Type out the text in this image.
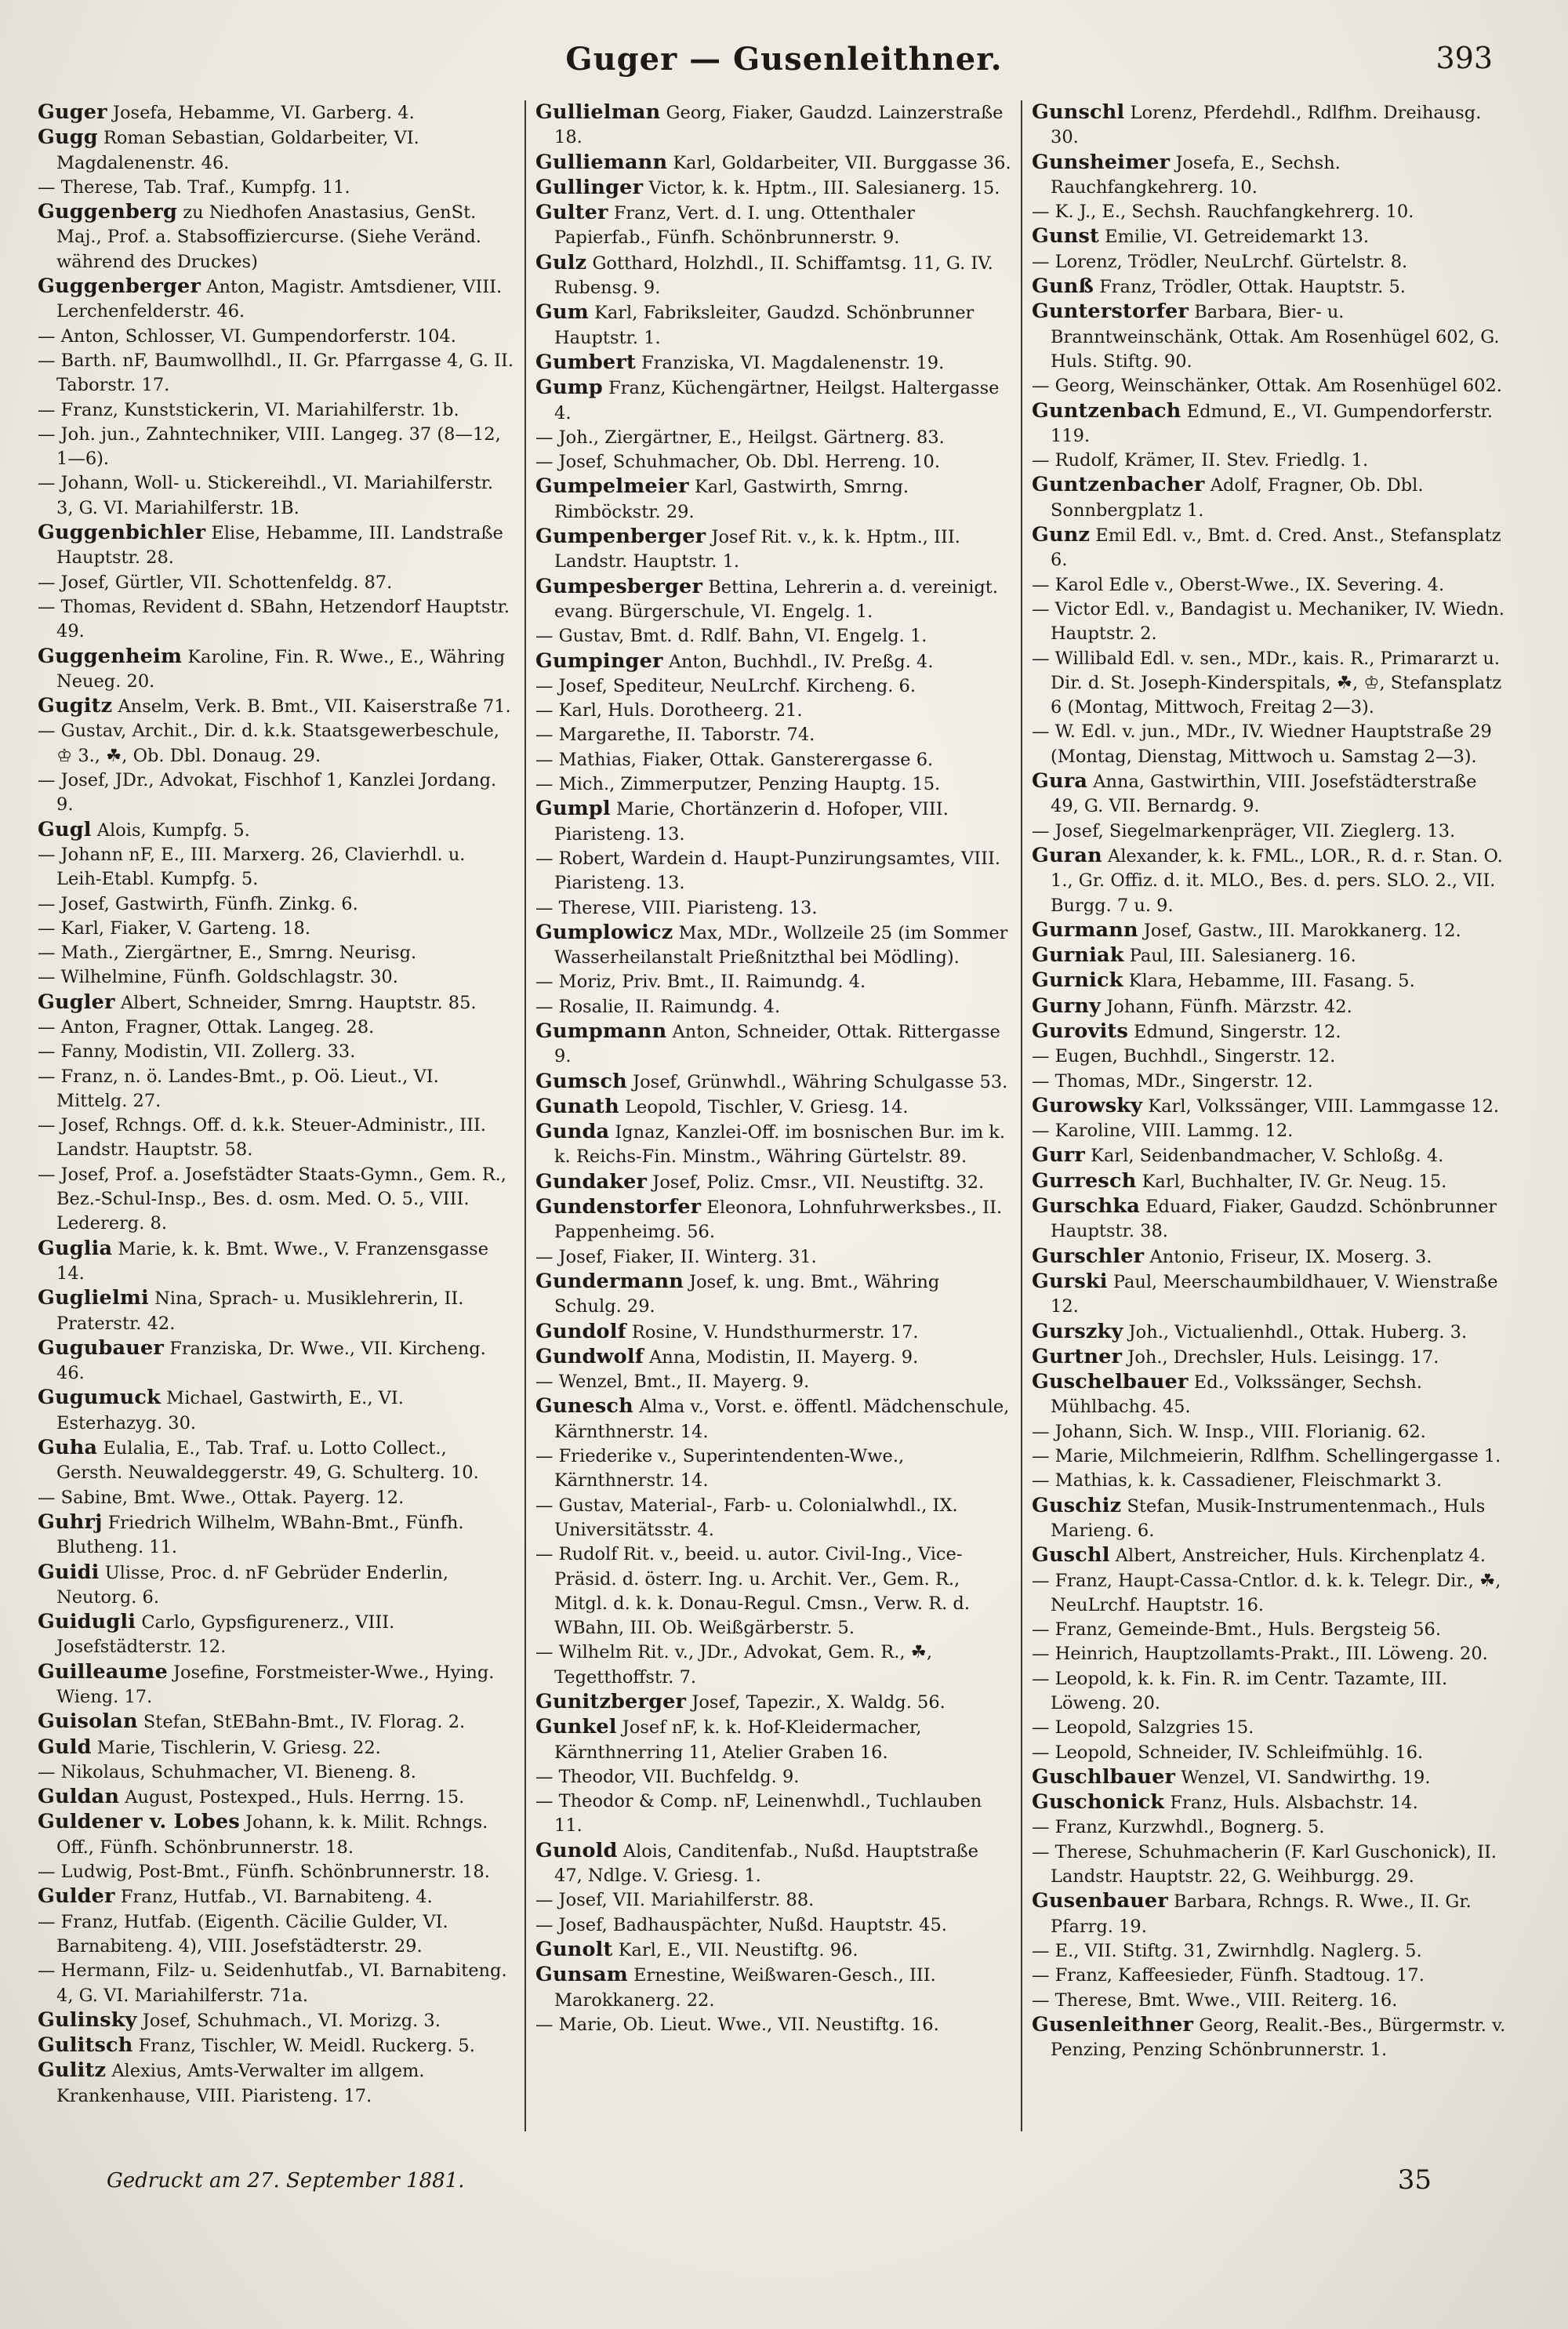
Guger — Gusenleithner.	393

Guger Josefa, Hebamme, VI. Garberg. 4.

Gugg Roman Sebastian, Goldarbeiter, VI. Magdalenenstr. 46.

— Therese, Tab. Traf., Kumpfg. 11.

Guggenberg zu Niedhofen Anastasius, GenSt. Maj., Prof. a. Stabsoffiziercurse. (Siehe Veränd. während des Druckes)

Guggenberger Anton, Magistr. Amtsdiener, VIII. Lerchenfelderstr. 46.

— Anton, Schlosser, VI. Gumpendorferstr. 104.

— Barth. nF, Baumwollhdl., II. Gr. Pfarrgasse 4, G. II. Taborstr. 17.

— Franz, Kunststickerin, VI. Mariahilferstr. 1b.

— Joh. jun., Zahntechniker, VIII. Langeg. 37 (8—12, 1—6).

— Johann, Woll- u. Stickereihdl., VI. Mariahilferstr. 3, G. VI. Mariahilferstr. 1B.

Guggenbichler Elise, Hebamme, III. Landstraße Hauptstr. 28.

— Josef, Gürtler, VII. Schottenfeldg. 87.

— Thomas, Revident d. SBahn, Hetzendorf Hauptstr. 49.

Guggenheim Karoline, Fin. R. Wwe., E., Währing Neueg. 20.

Gugitz Anselm, Verk. B. Bmt., VII. Kaiserstraße 71.

— Gustav, Archit., Dir. d. k.k. Staatsgewerbeschule, ♔ 3., ☘, Ob. Dbl. Donaug. 29.

— Josef, JDr., Advokat, Fischhof 1, Kanzlei Jordang. 9.

Gugl Alois, Kumpfg. 5.

— Johann nF, E., III. Marxerg. 26, Clavierhdl. u. Leih-Etabl. Kumpfg. 5.

— Josef, Gastwirth, Fünfh. Zinkg. 6.

— Karl, Fiaker, V. Garteng. 18.

— Math., Ziergärtner, E., Smrng. Neurisg.

— Wilhelmine, Fünfh. Goldschlagstr. 30.

Gugler Albert, Schneider, Smrng. Hauptstr. 85.

— Anton, Fragner, Ottak. Langeg. 28.

— Fanny, Modistin, VII. Zollerg. 33.

— Franz, n. ö. Landes-Bmt., p. Oö. Lieut., VI. Mittelg. 27.

— Josef, Rchngs. Off. d. k.k. Steuer-Administr., III. Landstr. Hauptstr. 58.

— Josef, Prof. a. Josefstädter Staats-Gymn., Gem. R., Bez.-Schul-Insp., Bes. d. osm. Med. O. 5., VIII. Ledererg. 8.

Guglia Marie, k. k. Bmt. Wwe., V. Franzensgasse 14.

Guglielmi Nina, Sprach- u. Musiklehrerin, II. Praterstr. 42.

Gugubauer Franziska, Dr. Wwe., VII. Kircheng. 46.

Gugumuck Michael, Gastwirth, E., VI. Esterhazyg. 30.

Guha Eulalia, E., Tab. Traf. u. Lotto Collect., Gersth. Neuwaldeggerstr. 49, G. Schulterg. 10.

— Sabine, Bmt. Wwe., Ottak. Payerg. 12.

Guhrj Friedrich Wilhelm, WBahn-Bmt., Fünfh. Blutheng. 11.

Guidi Ulisse, Proc. d. nF Gebrüder Enderlin, Neutorg. 6.

Guidugli Carlo, Gypsfigurenerz., VIII. Josefstädterstr. 12.

Guilleaume Josefine, Forstmeister-Wwe., Hying. Wieng. 17.

Guisolan Stefan, StEBahn-Bmt., IV. Florag. 2.

Guld Marie, Tischlerin, V. Griesg. 22.

— Nikolaus, Schuhmacher, VI. Bieneng. 8.

Guldan August, Postexped., Huls. Herrng. 15.

Guldener v. Lobes Johann, k. k. Milit. Rchngs. Off., Fünfh. Schönbrunnerstr. 18.

— Ludwig, Post-Bmt., Fünfh. Schönbrunnerstr. 18.

Gulder Franz, Hutfab., VI. Barnabiteng. 4.

— Franz, Hutfab. (Eigenth. Cäcilie Gulder, VI. Barnabiteng. 4), VIII. Josefstädterstr. 29.

— Hermann, Filz- u. Seidenhutfab., VI. Barnabiteng. 4, G. VI. Mariahilferstr. 71a.

Gulinsky Josef, Schuhmach., VI. Morizg. 3.

Gulitsch Franz, Tischler, W. Meidl. Ruckerg. 5.

Gulitz Alexius, Amts-Verwalter im allgem. Krankenhause, VIII. Piaristeng. 17.

Gullielman Georg, Fiaker, Gaudzd. Lainzerstraße 18.

Gulliemann Karl, Goldarbeiter, VII. Burggasse 36.

Gullinger Victor, k. k. Hptm., III. Salesianerg. 15.

Gulter Franz, Vert. d. I. ung. Ottenthaler Papierfab., Fünfh. Schönbrunnerstr. 9.

Gulz Gotthard, Holzhdl., II. Schiffamtsg. 11, G. IV. Rubensg. 9.

Gum Karl, Fabriksleiter, Gaudzd. Schönbrunner Hauptstr. 1.

Gumbert Franziska, VI. Magdalenenstr. 19.

Gump Franz, Küchengärtner, Heilgst. Haltergasse 4.

— Joh., Ziergärtner, E., Heilgst. Gärtnerg. 83.

— Josef, Schuhmacher, Ob. Dbl. Herreng. 10.

Gumpelmeier Karl, Gastwirth, Smrng. Rimböckstr. 29.

Gumpenberger Josef Rit. v., k. k. Hptm., III. Landstr. Hauptstr. 1.

Gumpesberger Bettina, Lehrerin a. d. vereinigt. evang. Bürgerschule, VI. Engelg. 1.

— Gustav, Bmt. d. Rdlf. Bahn, VI. Engelg. 1.

Gumpinger Anton, Buchhdl., IV. Preßg. 4.

— Josef, Spediteur, NeuLrchf. Kircheng. 6.

— Karl, Huls. Dorotheerg. 21.

— Margarethe, II. Taborstr. 74.

— Mathias, Fiaker, Ottak. Gansterergasse 6.

— Mich., Zimmerputzer, Penzing Hauptg. 15.

Gumpl Marie, Chortänzerin d. Hofoper, VIII. Piaristeng. 13.

— Robert, Wardein d. Haupt-Punzirungsamtes, VIII. Piaristeng. 13.

— Therese, VIII. Piaristeng. 13.

Gumplowicz Max, MDr., Wollzeile 25 (im Sommer Wasserheilanstalt Prießnitzthal bei Mödling).

— Moriz, Priv. Bmt., II. Raimundg. 4.

— Rosalie, II. Raimundg. 4.

Gumpmann Anton, Schneider, Ottak. Rittergasse 9.

Gumsch Josef, Grünwhdl., Währing Schulgasse 53.

Gunath Leopold, Tischler, V. Griesg. 14.

Gunda Ignaz, Kanzlei-Off. im bosnischen Bur. im k. k. Reichs-Fin. Minstm., Währing Gürtelstr. 89.

Gundaker Josef, Poliz. Cmsr., VII. Neustiftg. 32.

Gundenstorfer Eleonora, Lohnfuhrwerksbes., II. Pappenheimg. 56.

— Josef, Fiaker, II. Winterg. 31.

Gundermann Josef, k. ung. Bmt., Währing Schulg. 29.

Gundolf Rosine, V. Hundsthurmerstr. 17.

Gundwolf Anna, Modistin, II. Mayerg. 9.

— Wenzel, Bmt., II. Mayerg. 9.

Gunesch Alma v., Vorst. e. öffentl. Mädchenschule, Kärnthnerstr. 14.

— Friederike v., Superintendenten-Wwe., Kärnthnerstr. 14.

— Gustav, Material-, Farb- u. Colonialwhdl., IX. Universitätsstr. 4.

— Rudolf Rit. v., beeid. u. autor. Civil-Ing., Vice-Präsid. d. österr. Ing. u. Archit. Ver., Gem. R., Mitgl. d. k. k. Donau-Regul. Cmsn., Verw. R. d. WBahn, III. Ob. Weißgärberstr. 5.

— Wilhelm Rit. v., JDr., Advokat, Gem. R., ☘, Tegetthoffstr. 7.

Gunitzberger Josef, Tapezir., X. Waldg. 56.

Gunkel Josef nF, k. k. Hof-Kleidermacher, Kärnthnerring 11, Atelier Graben 16.

— Theodor, VII. Buchfeldg. 9.

— Theodor & Comp. nF, Leinenwhdl., Tuchlauben 11.

Gunold Alois, Canditenfab., Nußd. Hauptstraße 47, Ndlge. V. Griesg. 1.

— Josef, VII. Mariahilferstr. 88.

— Josef, Badhauspächter, Nußd. Hauptstr. 45.

Gunolt Karl, E., VII. Neustiftg. 96.

Gunsam Ernestine, Weißwaren-Gesch., III. Marokkanerg. 22.

— Marie, Ob. Lieut. Wwe., VII. Neustiftg. 16.

Gunschl Lorenz, Pferdehdl., Rdlfhm. Dreihausg. 30.

Gunsheimer Josefa, E., Sechsh. Rauchfangkehrerg. 10.

— K. J., E., Sechsh. Rauchfangkehrerg. 10.

Gunst Emilie, VI. Getreidemarkt 13.

— Lorenz, Trödler, NeuLrchf. Gürtelstr. 8.

Gunß Franz, Trödler, Ottak. Hauptstr. 5.

Gunterstorfer Barbara, Bier- u. Branntweinschänk, Ottak. Am Rosenhügel 602, G. Huls. Stiftg. 90.

— Georg, Weinschänker, Ottak. Am Rosenhügel 602.

Guntzenbach Edmund, E., VI. Gumpendorferstr. 119.

— Rudolf, Krämer, II. Stev. Friedlg. 1.

Guntzenbacher Adolf, Fragner, Ob. Dbl. Sonnbergplatz 1.

Gunz Emil Edl. v., Bmt. d. Cred. Anst., Stefansplatz 6.

— Karol Edle v., Oberst-Wwe., IX. Severing. 4.

— Victor Edl. v., Bandagist u. Mechaniker, IV. Wiedn. Hauptstr. 2.

— Willibald Edl. v. sen., MDr., kais. R., Primararzt u. Dir. d. St. Joseph-Kinderspitals, ☘, ♔, Stefansplatz 6 (Montag, Mittwoch, Freitag 2—3).

— W. Edl. v. jun., MDr., IV. Wiedner Hauptstraße 29 (Montag, Dienstag, Mittwoch u. Samstag 2—3).

Gura Anna, Gastwirthin, VIII. Josefstädterstraße 49, G. VII. Bernardg. 9.

— Josef, Siegelmarkenpräger, VII. Zieglerg. 13.

Guran Alexander, k. k. FML., LOR., R. d. r. Stan. O. 1., Gr. Offiz. d. it. MLO., Bes. d. pers. SLO. 2., VII. Burgg. 7 u. 9.

Gurmann Josef, Gastw., III. Marokkanerg. 12.

Gurniak Paul, III. Salesianerg. 16.

Gurnick Klara, Hebamme, III. Fasang. 5.

Gurny Johann, Fünfh. Märzstr. 42.

Gurovits Edmund, Singerstr. 12.

— Eugen, Buchhdl., Singerstr. 12.

— Thomas, MDr., Singerstr. 12.

Gurowsky Karl, Volkssänger, VIII. Lammgasse 12.

— Karoline, VIII. Lammg. 12.

Gurr Karl, Seidenbandmacher, V. Schloßg. 4.

Gurresch Karl, Buchhalter, IV. Gr. Neug. 15.

Gurschka Eduard, Fiaker, Gaudzd. Schönbrunner Hauptstr. 38.

Gurschler Antonio, Friseur, IX. Moserg. 3.

Gurski Paul, Meerschaumbildhauer, V. Wienstraße 12.

Gurszky Joh., Victualienhdl., Ottak. Huberg. 3.

Gurtner Joh., Drechsler, Huls. Leisingg. 17.

Guschelbauer Ed., Volkssänger, Sechsh. Mühlbachg. 45.

— Johann, Sich. W. Insp., VIII. Florianig. 62.

— Marie, Milchmeierin, Rdlfhm. Schellingergasse 1.

— Mathias, k. k. Cassadiener, Fleischmarkt 3.

Guschiz Stefan, Musik-Instrumentenmach., Huls Marieng. 6.

Guschl Albert, Anstreicher, Huls. Kirchenplatz 4.

— Franz, Haupt-Cassa-Cntlor. d. k. k. Telegr. Dir., ☘, NeuLrchf. Hauptstr. 16.

— Franz, Gemeinde-Bmt., Huls. Bergsteig 56.

— Heinrich, Hauptzollamts-Prakt., III. Löweng. 20.

— Leopold, k. k. Fin. R. im Centr. Tazamte, III. Löweng. 20.

— Leopold, Salzgries 15.

— Leopold, Schneider, IV. Schleifmühlg. 16.

Guschlbauer Wenzel, VI. Sandwirthg. 19.

Guschonick Franz, Huls. Alsbachstr. 14.

— Franz, Kurzwhdl., Bognerg. 5.

— Therese, Schuhmacherin (F. Karl Guschonick), II. Landstr. Hauptstr. 22, G. Weihburgg. 29.

Gusenbauer Barbara, Rchngs. R. Wwe., II. Gr. Pfarrg. 19.

— E., VII. Stiftg. 31, Zwirnhdlg. Naglerg. 5.

— Franz, Kaffeesieder, Fünfh. Stadtoug. 17.

— Therese, Bmt. Wwe., VIII. Reiterg. 16.

Gusenleithner Georg, Realit.-Bes., Bürgermstr. v. Penzing, Penzing Schönbrunnerstr. 1.

Gedruckt am 27. September 1881.	35
